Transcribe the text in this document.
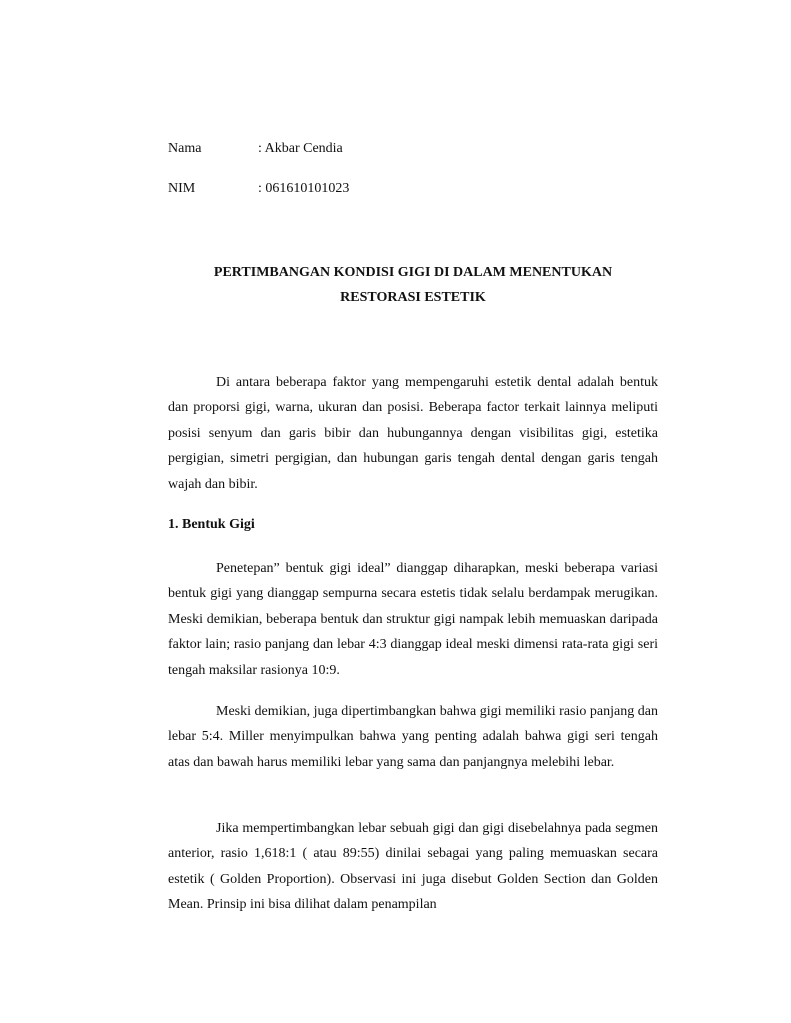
Nama	: Akbar Cendia
NIM	: 061610101023
PERTIMBANGAN KONDISI GIGI DI DALAM MENENTUKAN
RESTORASI ESTETIK

Di antara beberapa faktor yang mempengaruhi estetik dental adalah bentuk dan proporsi gigi, warna, ukuran dan posisi. Beberapa factor terkait lainnya meliputi posisi senyum dan garis bibir dan hubungannya dengan visibilitas gigi, estetika pergigian, simetri pergigian, dan hubungan garis tengah dental dengan garis tengah wajah dan bibir.

1. Bentuk Gigi

Penetepan” bentuk gigi ideal” dianggap diharapkan, meski beberapa variasi bentuk gigi yang dianggap sempurna secara estetis tidak selalu berdampak merugikan. Meski demikian, beberapa bentuk dan struktur gigi nampak lebih memuaskan daripada faktor lain; rasio panjang dan lebar 4:3 dianggap ideal meski dimensi rata-rata gigi seri tengah maksilar rasionya 10:9.

Meski demikian, juga dipertimbangkan bahwa gigi memiliki rasio panjang dan lebar 5:4. Miller menyimpulkan bahwa yang penting adalah bahwa gigi seri tengah atas dan bawah harus memiliki lebar yang sama dan panjangnya melebihi lebar.

Jika mempertimbangkan lebar sebuah gigi dan gigi disebelahnya pada segmen anterior, rasio 1,618:1 ( atau 89:55) dinilai sebagai yang paling memuaskan secara estetik ( Golden Proportion). Observasi ini juga disebut Golden Section dan Golden Mean. Prinsip ini bisa dilihat dalam penampilan
